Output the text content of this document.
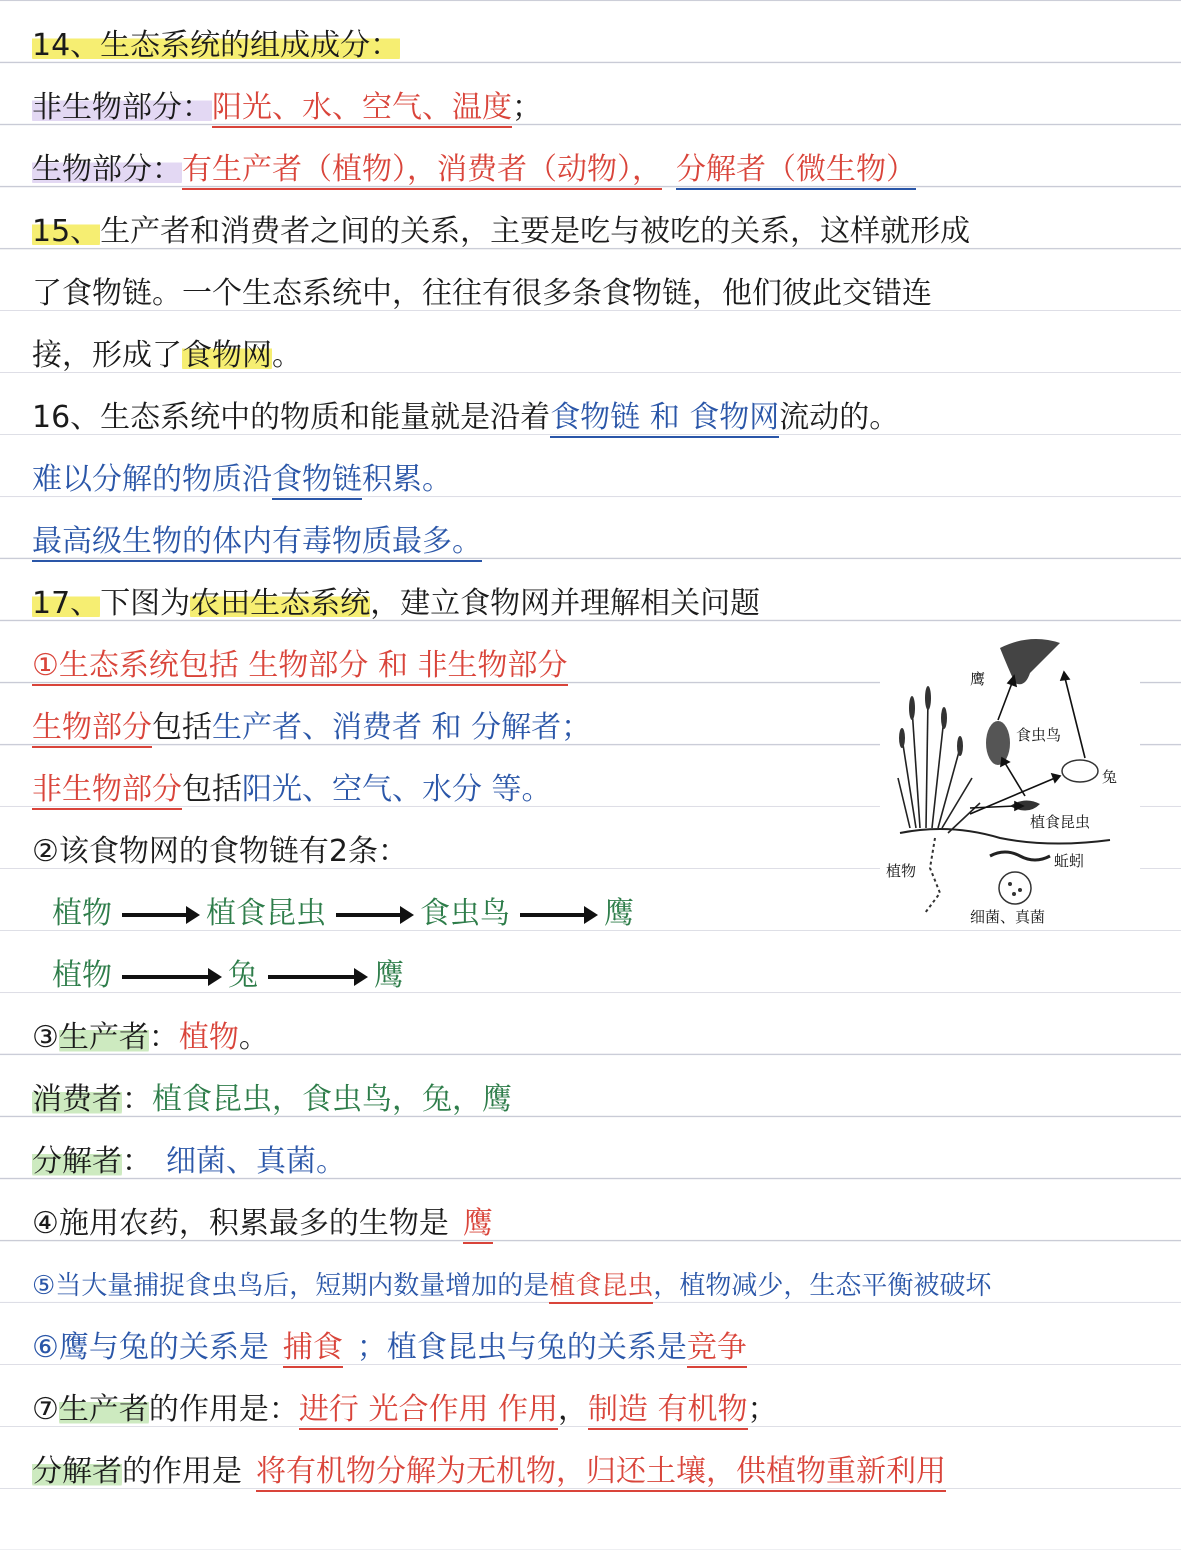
14、生态系统的组成成分：
非生物部分：阳光、水、空气、温度；
生物部分：有生产者（植物），消费者（动物）， 分解者（微生物）
15、生产者和消费者之间的关系，主要是吃与被吃的关系，这样就形成
了食物链。一个生态系统中，往往有很多条食物链，他们彼此交错连
接，形成了食物网。
16、生态系统中的物质和能量就是沿着食物链 和 食物网流动的。
难以分解的物质沿食物链积累。
最高级生物的体内有毒物质最多。
17、下图为农田生态系统，建立食物网并理解相关问题
①生态系统包括 生物部分 和 非生物部分
生物部分包括生产者、消费者 和 分解者；
非生物部分包括阳光、空气、水分 等。
②该食物网的食物链有2条：
植物	植食昆虫	食虫鸟	鹰
植物	兔	鹰
③生产者：植物。
消费者：植食昆虫，食虫鸟，兔，鹰
分解者： 细菌、真菌。
④施用农药，积累最多的生物是 鹰
⑤当大量捕捉食虫鸟后，短期内数量增加的是植食昆虫，植物减少，生态平衡被破坏
⑥鹰与兔的关系是 捕食 ；植食昆虫与兔的关系是竞争
⑦生产者的作用是：进行 光合作用 作用，制造 有机物；
分解者的作用是 将有机物分解为无机物，归还土壤，供植物重新利用
鹰
食虫鸟
兔
植食昆虫
蚯蚓
植物
细菌、真菌
